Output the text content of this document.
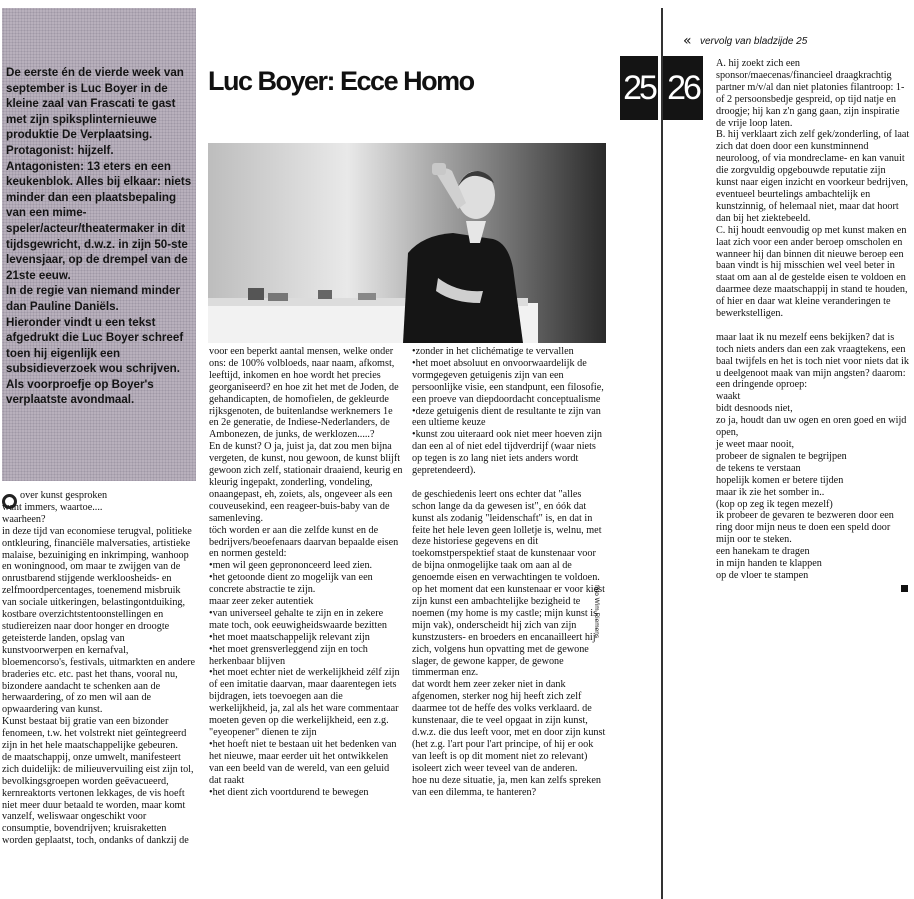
De eerste én de vierde week van september is Luc Boyer in de kleine zaal van Frascati te gast met zijn spiksplinternieuwe produktie De Verplaatsing.

Protagonist: hijzelf. Antagonisten: 13 eters en een keukenblok. Alles bij elkaar: niets minder dan een plaatsbepaling van een mime-speler/acteur/theatermaker in dit tijdsgewricht, d.w.z. in zijn 50-ste levensjaar, op de drempel van de 21ste eeuw.

In de regie van niemand minder dan Pauline Daniëls.

Hieronder vindt u een tekst afgedrukt die Luc Boyer schreef toen hij eigenlijk een subsidieverzoek wou schrijven.

Als voorproefje op Boyer's verplaatste avondmaal.

Luc Boyer: Ecce Homo
foto Wim Riemens

over kunst gesproken

want immers, waartoe....

waarheen?

in deze tijd van economiese terugval, politieke ontkleuring, financiële malversaties, artistieke malaise, bezuiniging en inkrimping, wanhoop en woningnood, om maar te zwijgen van de onrustbarend stijgende werkloosheids- en zelfmoordpercentages, toenemend misbruik van sociale uitkeringen, belastingontduiking, kostbare overzichtstentoonstellingen en studiereizen naar door honger en droogte geteisterde landen, opslag van kunstvoorwerpen en kernafval, bloemencorso's, festivals, uitmarkten en andere braderies etc. etc. past het thans, vooral nu, bizondere aandacht te schenken aan de herwaardering, of zo men wil aan de opwaardering van kunst.

Kunst bestaat bij gratie van een bizonder fenomeen, t.w. het volstrekt niet geïntegreerd zijn in het hele maatschappelijke gebeuren.

de maatschappij, onze umwelt, manifesteert zich duidelijk: de milieuvervuiling eist zijn tol, bevolkingsgroepen worden geëvacueerd, kernreaktorts vertonen lekkages, de vis hoeft niet meer duur betaald te worden, maar komt vanzelf, weliswaar ongeschikt voor consumptie, bovendrijven; kruisraketten worden geplaatst, toch, ondanks of dankzij de

voor een beperkt aantal mensen, welke onder ons: de 100% volbloeds, naar naam, afkomst, leeftijd, inkomen en hoe wordt het precies georganiseerd? en hoe zit het met de Joden, de gehandicapten, de homofielen, de gekleurde rijksgenoten, de buitenlandse werknemers 1e en 2e generatie, de Indiese-Nederlanders, de Ambonezen, de junks, de werklozen.....?

En de kunst? O ja, juist ja, dat zou men bijna vergeten, de kunst, nou gewoon, de kunst blijft gewoon zich zelf, stationair draaiend, keurig en kleurig ingepakt, zonderling, vondeling, onaangepast, eh, zoiets, als, ongeveer als een couveusekind, een reageer-buis-baby van de samenleving.

töch worden er aan die zelfde kunst en de bedrijvers/beoefenaars daarvan bepaalde eisen en normen gesteld:

•men wil geen geprononceerd leed zien.

•het getoonde dient zo mogelijk van een concrete abstractie te zijn.

maar zeer zeker autentiek

•van universeel gehalte te zijn en in zekere mate toch, ook eeuwigheidswaarde bezitten

•het moet maatschappelijk relevant zijn

•het moet grensverleggend zijn en toch herkenbaar blijven

•het moet echter niet de werkelijkheid zélf zijn of een imitatie daarvan, maar daarentegen iets bijdragen, iets toevoegen aan die werkelijkheid, ja, zal als het ware commentaar moeten geven op die werkelijkheid, een z.g. "eyeopener" dienen te zijn

•het hoeft niet te bestaan uit het bedenken van het nieuwe, maar eerder uit het ontwikkelen van een beeld van de wereld, van een geluid dat raakt

•het dient zich voortdurend te bewegen

•zonder in het clichématige te vervallen

•het moet absoluut en onvoorwaardelijk de vormgegeven getuigenis zijn van een persoonlijke visie, een standpunt, een filosofie, een proeve van diepdoordacht conceptualisme

•deze getuigenis dient de resultante te zijn van een ultieme keuze

•kunst zou uiteraard ook niet meer hoeven zijn dan een al of niet edel tijdverdrijf (waar niets op tegen is zo lang niet iets anders wordt gepretendeerd).

de geschiedenis leert ons echter dat "alles schon lange da da gewesen ist", en óók dat kunst als zodanig "leidenschaft" is, en dat in feite het hele leven geen lolletje is, welnu, met deze historiese gegevens en dit toekomstperspektief staat de kunstenaar voor de bijna onmogelijke taak om aan al de genoemde eisen en verwachtingen te voldoen.

op het moment dat een kunstenaar er voor kiest zijn kunst een ambachtelijke bezigheid te noemen (my home is my castle; mijn kunst is mijn vak), onderscheidt hij zich van zijn kunstzusters- en broeders en encanailleert hij zich, volgens hun opvatting met de gewone slager, de gewone kapper, de gewone timmerman enz.

dat wordt hem zeer zeker niet in dank afgenomen, sterker nog hij heeft zich zelf daarmee tot de heffe des volks verklaard. de kunstenaar, die te veel opgaat in zijn kunst, d.w.z. die dus leeft voor, met en door zijn kunst (het z.g. l'art pour l'art principe, of hij er ook van leeft is op dit moment niet zo relevant) isoleert zich weer teveel van de anderen.

hoe nu deze situatie, ja, men kan zelfs spreken van een dilemma, te hanteren?

25 26
« vervolg van bladzijde 25

A. hij zoekt zich een sponsor/maecenas/financieel draagkrachtig partner m/v/al dan niet platonies filantroop: 1- of 2 persoonsbedje gespreid, op tijd natje en droogje; hij kan z'n gang gaan, zijn inspiratie de vrije loop laten.

B. hij verklaart zich zelf gek/zonderling, of laat zich dat doen door een kunstminnend neuroloog, of via mondreclame- en kan vanuit die zorgvuldig opgebouwde reputatie zijn kunst naar eigen inzicht en voorkeur bedrijven, eventueel beurtelings ambachtelijk en kunstzinnig, of helemaal niet, maar dat hoort dan bij het ziektebeeld.

C. hij houdt eenvoudig op met kunst maken en laat zich voor een ander beroep omscholen en wanneer hij dan binnen dit nieuwe beroep een baan vindt is hij misschien wel veel beter in staat om aan al de gestelde eisen te voldoen en daarmee deze maatschappij in stand te houden, of hier en daar wat kleine veranderingen te bewerkstelligen.

maar laat ik nu mezelf eens bekijken? dat is toch niets anders dan een zak vraagtekens, een baal twijfels en het is toch niet voor niets dat ik u deelgenoot maak van mijn angsten? daarom: een dringende oproep:

waakt

bidt desnoods niet,

zo ja, houdt dan uw ogen en oren goed en wijd open,

je weet maar nooit,

probeer de signalen te begrijpen

de tekens te verstaan

hopelijk komen er betere tijden

maar ik zie het somber in..

(kop op zeg ik tegen mezelf)

ik probeer de gevaren te bezweren door een ring door mijn neus te doen een speld door mijn oor te steken.

een hanekam te dragen

in mijn handen te klappen

op de vloer te stampen
